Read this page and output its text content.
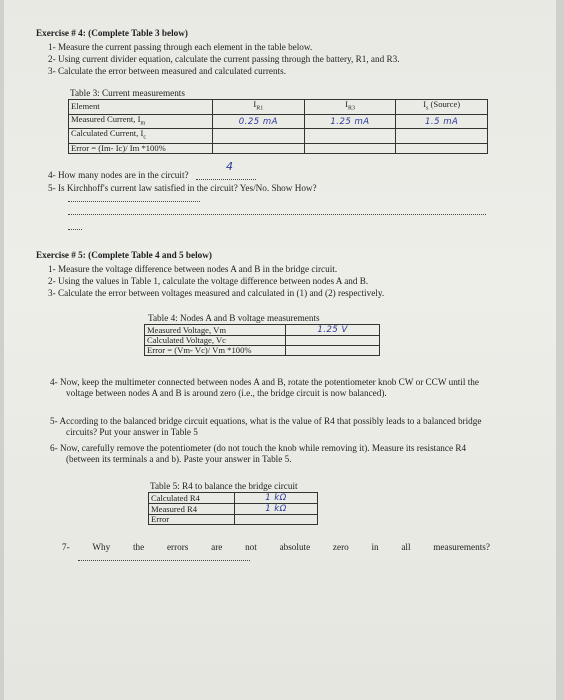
Exercise # 4: (Complete Table 3 below)
1- Measure the current passing through each element in the table below.
2- Using current divider equation, calculate the current passing through the battery, R1, and R3.
3- Calculate the error between measured and calculated currents.
Table 3: Current measurements
Element	$I_{R1}$	$I_{R3}$	$I_s$ (Source)
Measured Current, $I_m$	0.25 mA	1.25 mA	1.5 mA
Calculated Current, $I_c$			
Error = (Im- Ic)/ Im *100%			
4- How many nodes are in the circuit?
4
5- Is Kirchhoff's current law satisfied in the circuit? Yes/No. Show How?
Exercise # 5: (Complete Table 4 and 5 below)
1- Measure the voltage difference between nodes A and B in the bridge circuit.
2- Using the values in Table 1, calculate the voltage difference between nodes A and B.
3- Calculate the error between voltages measured and calculated in (1) and (2) respectively.
Table 4: Nodes A and B voltage measurements
Measured Voltage, Vm	1.25 V
Calculated Voltage, Vc	
Error = (Vm- Vc)/ Vm *100%	
4- Now, keep the multimeter connected between nodes A and B, rotate the potentiometer knob CW or CCW until the voltage between nodes A and B is around zero (i.e., the bridge circuit is now balanced).
5- According to the balanced bridge circuit equations, what is the value of R4 that possibly leads to a balanced bridge circuits? Put your answer in Table 5
6- Now, carefully remove the potentiometer (do not touch the knob while removing it). Measure its resistance R4 (between its terminals a and b). Paste your answer in Table 5.
Table 5: R4 to balance the bridge circuit
Calculated R4	1 kΩ
Measured R4	1 kΩ
Error	
7- Why the errors are not absolute zero in all measurements?
